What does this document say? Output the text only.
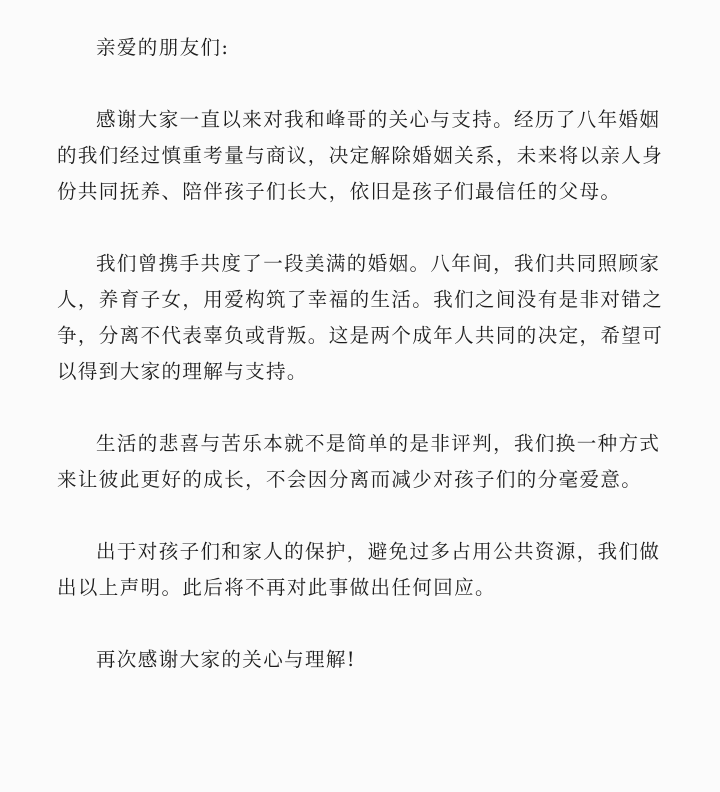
亲爱的朋友们:
感谢大家一直以来对我和峰哥的关心与支持。经历了八年婚姻
的我们经过慎重考量与商议，决定解除婚姻关系，未来将以亲人身
份共同抚养、陪伴孩子们长大，依旧是孩子们最信任的父母。
我们曾携手共度了一段美满的婚姻。八年间，我们共同照顾家
人，养育子女，用爱构筑了幸福的生活。我们之间没有是非对错之
争，分离不代表辜负或背叛。这是两个成年人共同的决定，希望可
以得到大家的理解与支持。
生活的悲喜与苦乐本就不是简单的是非评判，我们换一种方式
来让彼此更好的成长，不会因分离而减少对孩子们的分毫爱意。
出于对孩子们和家人的保护，避免过多占用公共资源，我们做
出以上声明。此后将不再对此事做出任何回应。
再次感谢大家的关心与理解!
